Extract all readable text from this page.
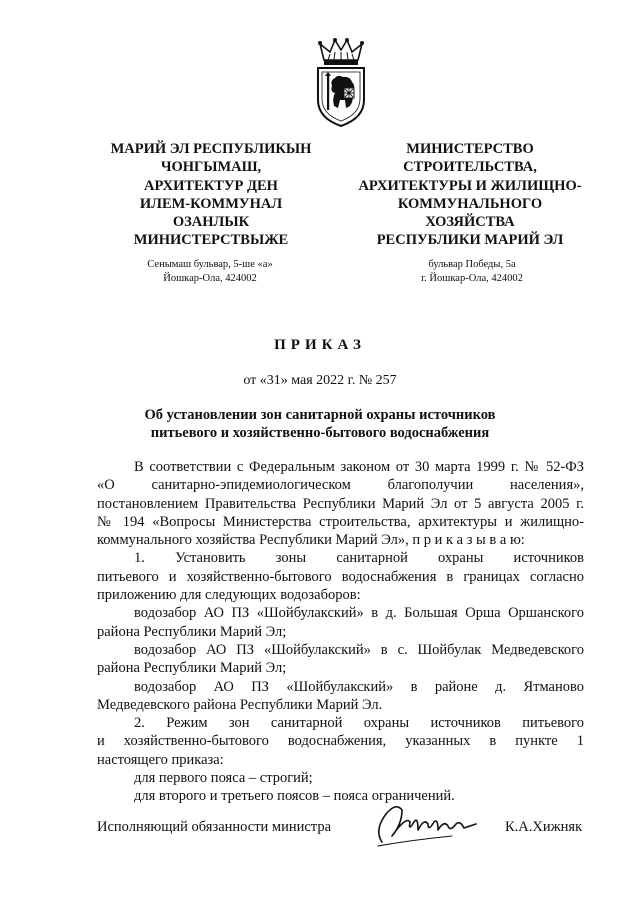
МАРИЙ ЭЛ РЕСПУБЛИКЫН
ЧОНГЫМАШ,
АРХИТЕКТУР ДЕН
ИЛЕМ-КОММУНАЛ
ОЗАНЛЫК
МИНИСТЕРСТВЫЖЕ
МИНИСТЕРСТВО
СТРОИТЕЛЬСТВА,
АРХИТЕКТУРЫ И ЖИЛИЩНО-
КОММУНАЛЬНОГО
ХОЗЯЙСТВА
РЕСПУБЛИКИ МАРИЙ ЭЛ
Сенымаш бульвар, 5-ше «а»
Йошкар-Ола, 424002
бульвар Победы, 5а
г. Йошкар-Ола, 424002
ПРИКАЗ
от «31» мая 2022 г. № 257
Об установлении зон санитарной охраны источников
питьевого и хозяйственно-бытового водоснабжения
В соответствии с Федеральным законом от 30 марта 1999 г. № 52-ФЗ
«О санитарно-эпидемиологическом благополучии населения»,
постановлением Правительства Республики Марий Эл от 5 августа 2005 г.
№ 194 «Вопросы Министерства строительства, архитектуры и жилищно-
коммунального хозяйства Республики Марий Эл», п р и к а з ы в а ю:
1. Установить зоны санитарной охраны источников
питьевого и хозяйственно-бытового водоснабжения в границах согласно
приложению для следующих водозаборов:
водозабор АО ПЗ «Шойбулакский» в д. Большая Орша Оршанского
района Республики Марий Эл;
водозабор АО ПЗ «Шойбулакский» в с. Шойбулак Медведевского
района Республики Марий Эл;
водозабор АО ПЗ «Шойбулакский» в районе д. Ятманово
Медведевского района Республики Марий Эл.
2. Режим зон санитарной охраны источников питьевого
и хозяйственно-бытового водоснабжения, указанных в пункте 1
настоящего приказа:
для первого пояса – строгий;
для второго и третьего поясов – пояса ограничений.
Исполняющий обязанности министра	К.А.Хижняк
